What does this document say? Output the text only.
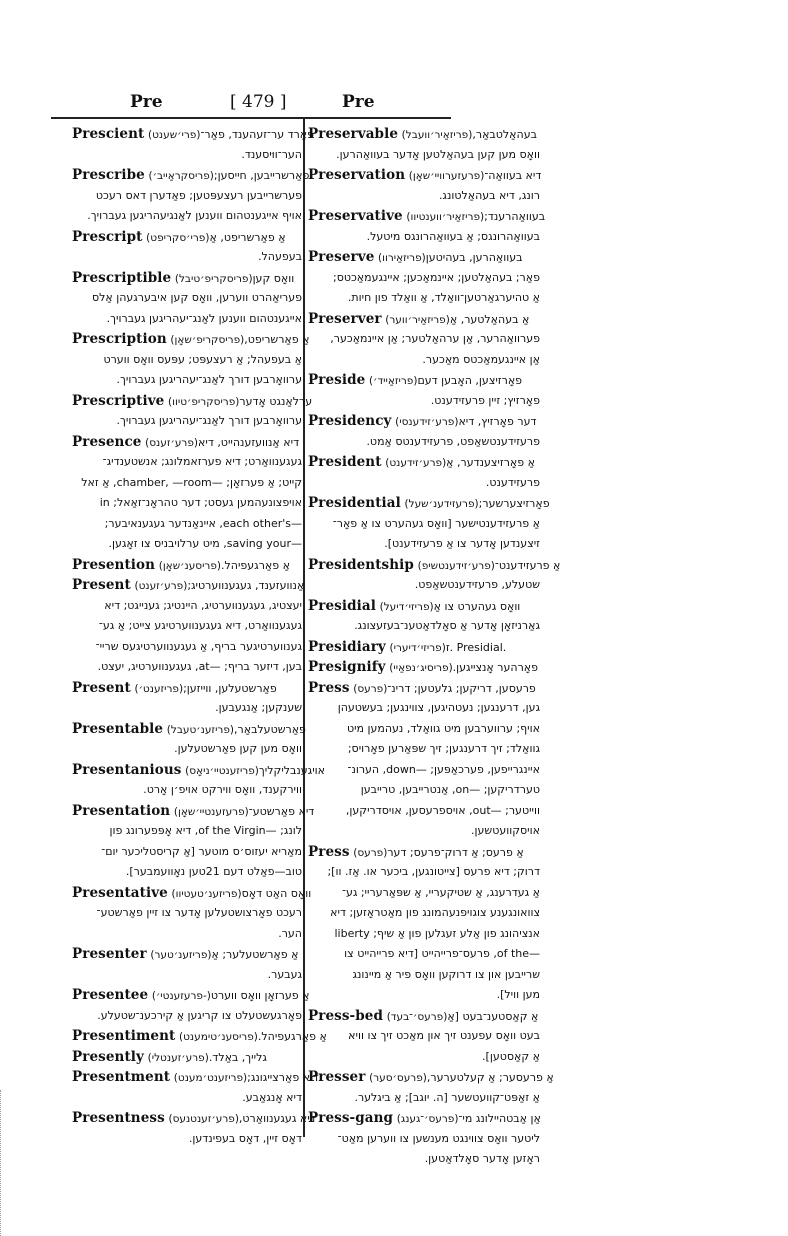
Pre	[ 479 ]	Pre
Prescient (פרי׳שענט)פאַרד ער־זעהענד, פאַר־
הער־ווּיסענד.
Prescribe (פריסקראַייב׳)פאַרשרייבען, חייסען;
פערשרייבען רעצעפּטען; פאַדערן דאס רעכט
אויף אייגענטהום ווענען לאַנגיעהריגען געברויך.
Prescript (פרי׳סקריפט)אַ פאַרשריפט, אַ
בעפעהל.
Prescriptible (פריסקריפ׳טיבל)וואָס קען
פעריאַהרט ווערען, וואָס קען איבערגעהן אַלס
אייגענטהום ווענען לאַנג־יעהריגען געברויך.
Prescription (פריסקריפ׳שאָן)אַ פאַרשריפט,
אַ בעפעהל; אַ רעצעפּט; עפּעס וואָס ווערט
ערוואָרבען דורך לאַנג־יעהריגען געברויך.
Prescriptive (פריסקריפ׳טיוו)ערלאַנגט אָדער
ערוואָרבען דורך לאַנג־יעהריגען געברויך.
Presence (פרע׳זענס)דיא אַנוועזענהייט, דיא
געגענוואַרט; דיא פערזאמלונג; אנשטענדיג־
קייט; אַ פערזאָן; —chamber, —room, אַ זאל
אויפצונעהמען געסט; דער טהראָנ־זאַאל; in
—each other's, איינאַנדער געגענאיבער;
—saving your, מיט ערלויבניס צו זאָגען.
Presention (פריסענ׳שאָן)אַ פאַרגעפיהל.
Present (פרע׳זענט)אַנוועזענד, געגענווערטיג;
יעצטיג, געגענווערטיג, היינטיג; גענייגט; דיא
געגענוואַרט, דיא געגענווערטיגע צייט; אַ גע־
גענווערטיגער בריף, אַ געגענווערטיגעס שריי־
בען, דיזער בריף; —at, געגענווערטיג, יעצט.
Present (פריזענט׳)פאַרשטעלען, ווייזען;
שענקען; אַנגעבען.
Presentable (פריזענ׳טעבל)פאַרשטעלבאַר,
וואָס מען קען פאַרשטעלען.
Presentanious (פריזענטיי׳ניאָס)אויגענבליקליך
ווירקענד, וואָס ווירקט אויפ׳ן אָרט.
Presentation (פרעזענטיי׳שאָן)דיא פאַרשטע־
לונג; —of the Virgin, דיא אָפּפערונג פון
מאַריא יעזוס׳ס מוטער [אַ קריסטליכער יום־
טוב—פאַלט דעם 21טען נאָוועמבער].
Presentative (פריזענ׳טעטיוו)וואָס האַט דאָס
רעכט פאָרצושטעלען אָדער צו זיין פאַרשטע־
הער.
Presenter (פריזענ׳טער)אַ פאַרשטעלער; אַ
געבער.
Presentee (פרעזענטי׳-)אַ פערזאָן וואָס ווערט
פאָרגעשטעלט צו קריגען אַ קירכענ־שטעלע.
Presentiment (פריסענ׳טימענט)אַ פאַרגעפיהל.
Presently (פרע׳זענטלי)גלייך, באַלד.
Presentment (פריזענט׳מענט)דיא פאַרצייגונג;
דיא אָנגאַבע.
Presentness (פרע׳זענטנעס)דיא געגענוואַרט,
דאָס זיין, דאָס בעפינדען.
Preservable (פריזאַיר׳וועבל)בעהאַלטבאַר,
וואָס מען קען בעהאַלטען אָדער בעוואַהרען.
Preservation (פרעזערוויי׳שאָן)דיא בעוואַה־
רונג, דיא בעהאַלטונג.
Preservative (פריזאַיר׳ווענטיוו)בעוואַהרענד;
בעוואַהרונגס; אַ בעוואַהרונגס מיטעל.
Preserve (פריזאַירוו)בעוואַהרען, בעהיטען
פאַר; בעהאַלטען; איינמאַכען; איינגעמאַכטס;
אַ טהיערגאַרטען־וואַלד, אַ וואַלד פון חיות.
Preserver (פריזאַיר׳ווער)אַ בעהאַלטער, אַ
פערוואַהרער, אַן ערהאַלטער; אַן איינמאַכער,
אַן איינגעמאַכטס מאַכער.
Preside (פריזאַייד׳)פאָרזיצען, האָבען דעם
פאָרזיץ; זיין פרעזידענט.
Presidency (פרע׳זידענסי)דער פאָרזיץ, דיא
פרעזידענטשאַפט, פרעזידענטס אַמט.
President (פרע׳זידענט)אַ פאָרזיצענדער, אַ
פרעזידענט.
Presidential (פרעזידענ׳שעל)פאָרזיצערשער;
אַ פרעזידענטישער [וואָס געהערט צו אַ פאָר־
זיצענדען אָדער צו אַ פרעזידענט].
Presidentship (פרע׳זידענטשיפ)אַ פרעזידענט־
שטעלע, פרעזידענטשאַפט.
Presidial (פריזי׳דיעל)וואָס געהערט צו אַ
גאַרניזאָן אָדער אַ סאָלדאַטענ־בעזעצונג.
Presidiary (פריזי׳דיערי).Presidial .ז
Presignify (פריסיג׳נפאַיי)פאָרהער אָנצייגען.
Press (פרעס)פרעסען, דריקען; גלעטען; דרינ־
גען, דרענגען; נעטהיגען, צווינגען; בעשטעהן
אויף; ערווערבען מיט גוואַלד, נעהמען מיט
גוואַלד; זיך דרענגען; זיך שפּאַרען פאָרויס;
איינגרייפען, פערכאַפּען; —down, הערונ־
טערדריקען; —on, אַנטרייבען, טרייבען
ווייטער; —out, אויספרעסען, אויסדריקען,
אויסקוועטשען.
Press (פרעס)אַ פרעס; אַ דרוק־פרעס; דער
דרוק; דיא פרעס [צייטונגען, ביכער או. אַז. וו];
אַ געדרענג, אַ שטיקעריי, אַ שפּאַרעריי; גע־
צוואונגענע צוגויפנעהמונג פון מאַטראָזען; דיא
אנציהונג פון אַלע זעגלען פון אַ שיף; liberty
—of the, פרעס־פרייהייט [דיא פרייהייט צו
שרייבען און צו דרוקען וואָס פיר אַ מיינונג
מען וויל].
Press-bed (פרעס׳־בעד)אַ קאַסטענ־בעט [אַ
בעט וואָס עפענט זיך און מאַכט זיך צו וויא
אַ קאַסטען].
Presser (פרעס׳סער)אַ פרעסער; אַ קעלטערער,
אַ זאַפּט־קוועטשער [ה. יוגב]; אַ ביגלער.
Press-gang (פרעס׳־גענג)אַן אַבטהיילונג מי־
ליטער וואָס צווינגט מענשען צו ווערען מאַט־
ראָזען אָדער סאָלדאַטען.
